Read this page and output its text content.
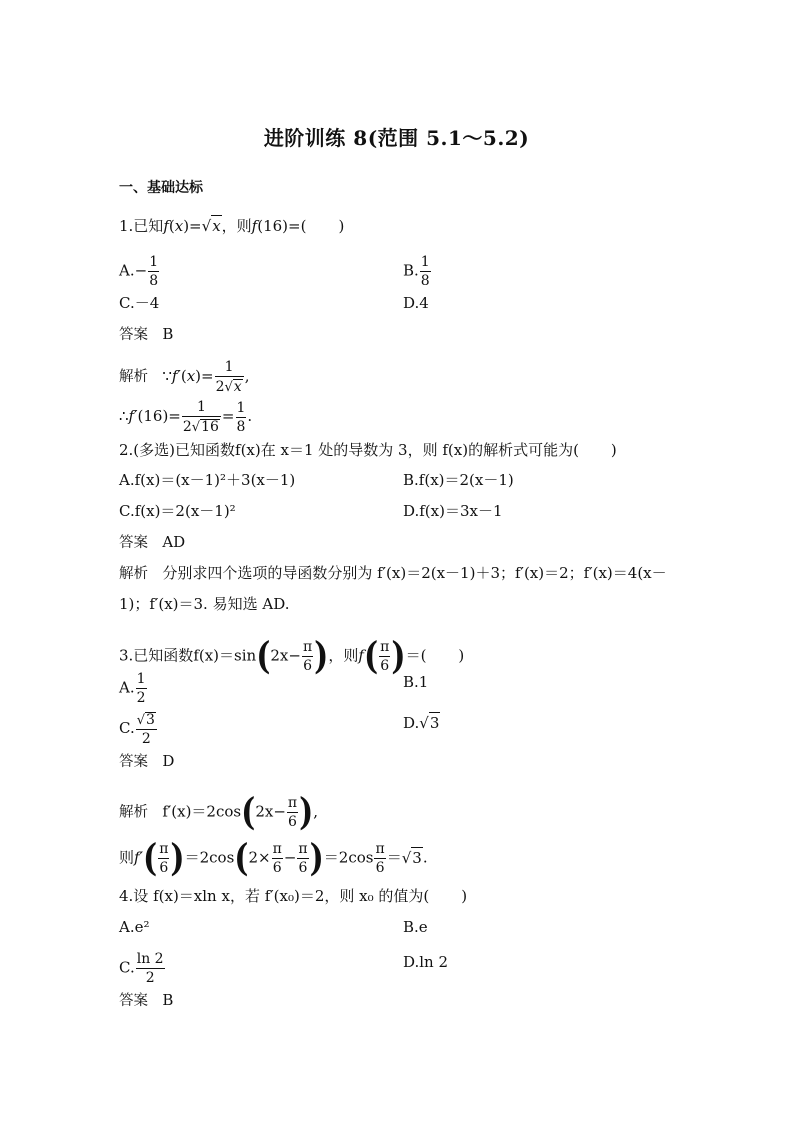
进阶训练 8(范围 5.1～5.2)
一、基础达标
1.已知f(x)=√x，则f(16)=( )
$A.- \frac{1}{8}$	B. $\frac{1}{8}$
C.－4	D.4
答案 B
解析 ∵f′(x)= $\frac{1}{2√x}$ ,
∴f′(16)= $\frac{1}{2√16} = \frac{1}{8}$ .
2.(多选)已知函数f(x)在 x＝1 处的导数为 3，则 f(x)的解析式可能为( )
A.f(x)＝(x－1)²＋3(x－1)	B.f(x)＝2(x－1)
C.f(x)＝2(x－1)²	D.f(x)＝3x－1
答案 AD
解析 分别求四个选项的导函数分别为 f′(x)＝2(x－1)＋3；f′(x)＝2；f′(x)＝4(x－
1)；f′(x)＝3. 易知选 AD.
3.已知函数$f(x)=\sin(2x- \frac{\pi}{6}$ )，则$f( \frac{\pi}{6}$ )＝( )
A. $\frac{1}{2}$	B.1
C. $\frac{√3}{2}$	D.√3
答案 D
解析 $f'(x)=2\cos(2x- \frac{\pi}{6}$ ),
则$f'( \frac{\pi}{6} )=2\cos(2\times \frac{\pi}{6} - \frac{\pi}{6} )=2\cos \frac{\pi}{6} =√3$.
4.设 f(x)＝xln x，若 f′(x₀)＝2，则 x₀ 的值为( )
A.e²	B.e
C. $\frac{\ln 2}{2}$	D.ln 2
答案 B
